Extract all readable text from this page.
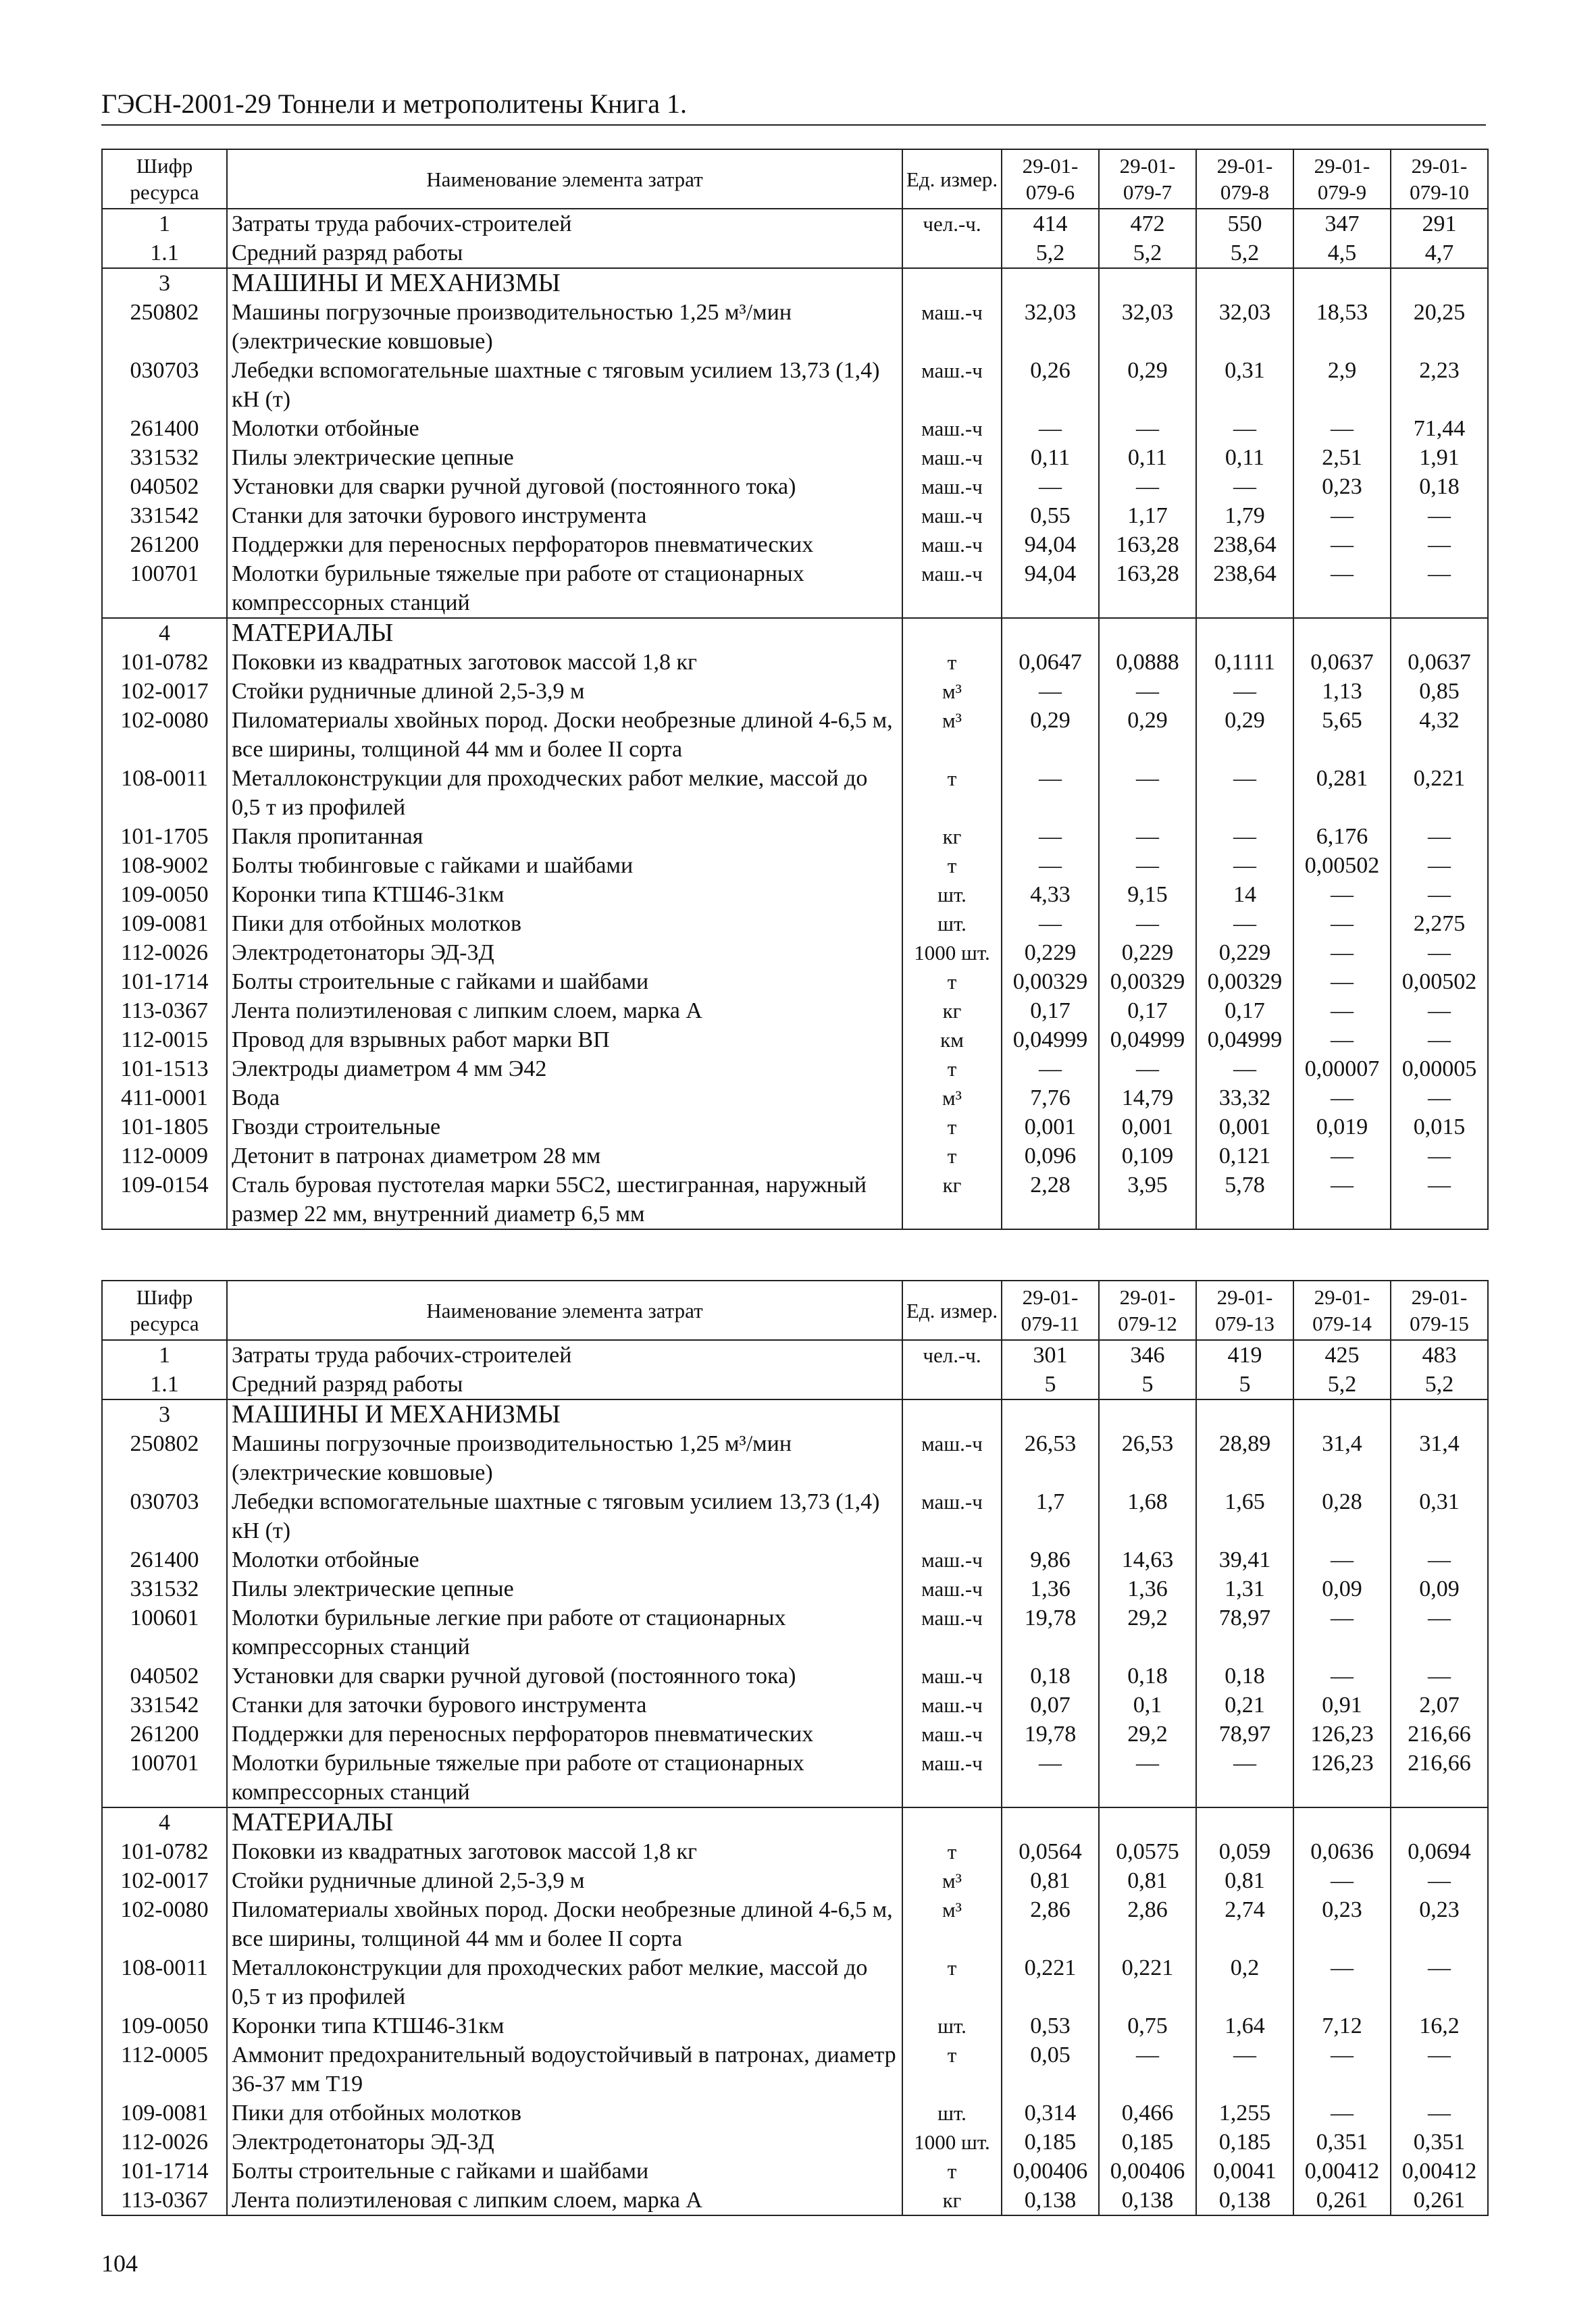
ГЭСН-2001-29 Тоннели и метрополитены Книга 1.
Шифр ресурса	Наименование элемента затрат	Ед. измер.	29-01-079-6	29-01-079-7	29-01-079-8	29-01-079-9	29-01-079-10
1	Затраты труда рабочих-строителей	чел.-ч.	414	472	550	347	291
1.1	Средний разряд работы		5,2	5,2	5,2	4,5	4,7
3	МАШИНЫ И МЕХАНИЗМЫ						
250802	Машины погрузочные производительностью 1,25 м³/мин (электрические ковшовые)	маш.-ч	32,03	32,03	32,03	18,53	20,25
030703	Лебедки вспомогательные шахтные с тяговым усилием 13,73 (1,4) кН (т)	маш.-ч	0,26	0,29	0,31	2,9	2,23
261400	Молотки отбойные	маш.-ч	—	—	—	—	71,44
331532	Пилы электрические цепные	маш.-ч	0,11	0,11	0,11	2,51	1,91
040502	Установки для сварки ручной дуговой (постоянного тока)	маш.-ч	—	—	—	0,23	0,18
331542	Станки для заточки бурового инструмента	маш.-ч	0,55	1,17	1,79	—	—
261200	Поддержки для переносных перфораторов пневматических	маш.-ч	94,04	163,28	238,64	—	—
100701	Молотки бурильные тяжелые при работе от стационарных компрессорных станций	маш.-ч	94,04	163,28	238,64	—	—
4	МАТЕРИАЛЫ						
101-0782	Поковки из квадратных заготовок массой 1,8 кг	т	0,0647	0,0888	0,1111	0,0637	0,0637
102-0017	Стойки рудничные длиной 2,5-3,9 м	м³	—	—	—	1,13	0,85
102-0080	Пиломатериалы хвойных пород. Доски необрезные длиной 4-6,5 м, все ширины, толщиной 44 мм и более II сорта	м³	0,29	0,29	0,29	5,65	4,32
108-0011	Металлоконструкции для проходческих работ мелкие, массой до 0,5 т из профилей	т	—	—	—	0,281	0,221
101-1705	Пакля пропитанная	кг	—	—	—	6,176	—
108-9002	Болты тюбинговые с гайками и шайбами	т	—	—	—	0,00502	—
109-0050	Коронки типа КТШ46-31км	шт.	4,33	9,15	14	—	—
109-0081	Пики для отбойных молотков	шт.	—	—	—	—	2,275
112-0026	Электродетонаторы ЭД-3Д	1000 шт.	0,229	0,229	0,229	—	—
101-1714	Болты строительные с гайками и шайбами	т	0,00329	0,00329	0,00329	—	0,00502
113-0367	Лента полиэтиленовая с липким слоем, марка А	кг	0,17	0,17	0,17	—	—
112-0015	Провод для взрывных работ марки ВП	км	0,04999	0,04999	0,04999	—	—
101-1513	Электроды диаметром 4 мм Э42	т	—	—	—	0,00007	0,00005
411-0001	Вода	м³	7,76	14,79	33,32	—	—
101-1805	Гвозди строительные	т	0,001	0,001	0,001	0,019	0,015
112-0009	Детонит в патронах диаметром 28 мм	т	0,096	0,109	0,121	—	—
109-0154	Сталь буровая пустотелая марки 55С2, шестигранная, наружный размер 22 мм, внутренний диаметр 6,5 мм	кг	2,28	3,95	5,78	—	—
Шифр ресурса	Наименование элемента затрат	Ед. измер.	29-01-079-11	29-01-079-12	29-01-079-13	29-01-079-14	29-01-079-15
1	Затраты труда рабочих-строителей	чел.-ч.	301	346	419	425	483
1.1	Средний разряд работы		5	5	5	5,2	5,2
3	МАШИНЫ И МЕХАНИЗМЫ						
250802	Машины погрузочные производительностью 1,25 м³/мин (электрические ковшовые)	маш.-ч	26,53	26,53	28,89	31,4	31,4
030703	Лебедки вспомогательные шахтные с тяговым усилием 13,73 (1,4) кН (т)	маш.-ч	1,7	1,68	1,65	0,28	0,31
261400	Молотки отбойные	маш.-ч	9,86	14,63	39,41	—	—
331532	Пилы электрические цепные	маш.-ч	1,36	1,36	1,31	0,09	0,09
100601	Молотки бурильные легкие при работе от стационарных компрессорных станций	маш.-ч	19,78	29,2	78,97	—	—
040502	Установки для сварки ручной дуговой (постоянного тока)	маш.-ч	0,18	0,18	0,18	—	—
331542	Станки для заточки бурового инструмента	маш.-ч	0,07	0,1	0,21	0,91	2,07
261200	Поддержки для переносных перфораторов пневматических	маш.-ч	19,78	29,2	78,97	126,23	216,66
100701	Молотки бурильные тяжелые при работе от стационарных компрессорных станций	маш.-ч	—	—	—	126,23	216,66
4	МАТЕРИАЛЫ						
101-0782	Поковки из квадратных заготовок массой 1,8 кг	т	0,0564	0,0575	0,059	0,0636	0,0694
102-0017	Стойки рудничные длиной 2,5-3,9 м	м³	0,81	0,81	0,81	—	—
102-0080	Пиломатериалы хвойных пород. Доски необрезные длиной 4-6,5 м, все ширины, толщиной 44 мм и более II сорта	м³	2,86	2,86	2,74	0,23	0,23
108-0011	Металлоконструкции для проходческих работ мелкие, массой до 0,5 т из профилей	т	0,221	0,221	0,2	—	—
109-0050	Коронки типа КТШ46-31км	шт.	0,53	0,75	1,64	7,12	16,2
112-0005	Аммонит предохранительный водоустойчивый в патронах, диаметр 36-37 мм Т19	т	0,05	—	—	—	—
109-0081	Пики для отбойных молотков	шт.	0,314	0,466	1,255	—	—
112-0026	Электродетонаторы ЭД-3Д	1000 шт.	0,185	0,185	0,185	0,351	0,351
101-1714	Болты строительные с гайками и шайбами	т	0,00406	0,00406	0,0041	0,00412	0,00412
113-0367	Лента полиэтиленовая с липким слоем, марка А	кг	0,138	0,138	0,138	0,261	0,261
104
